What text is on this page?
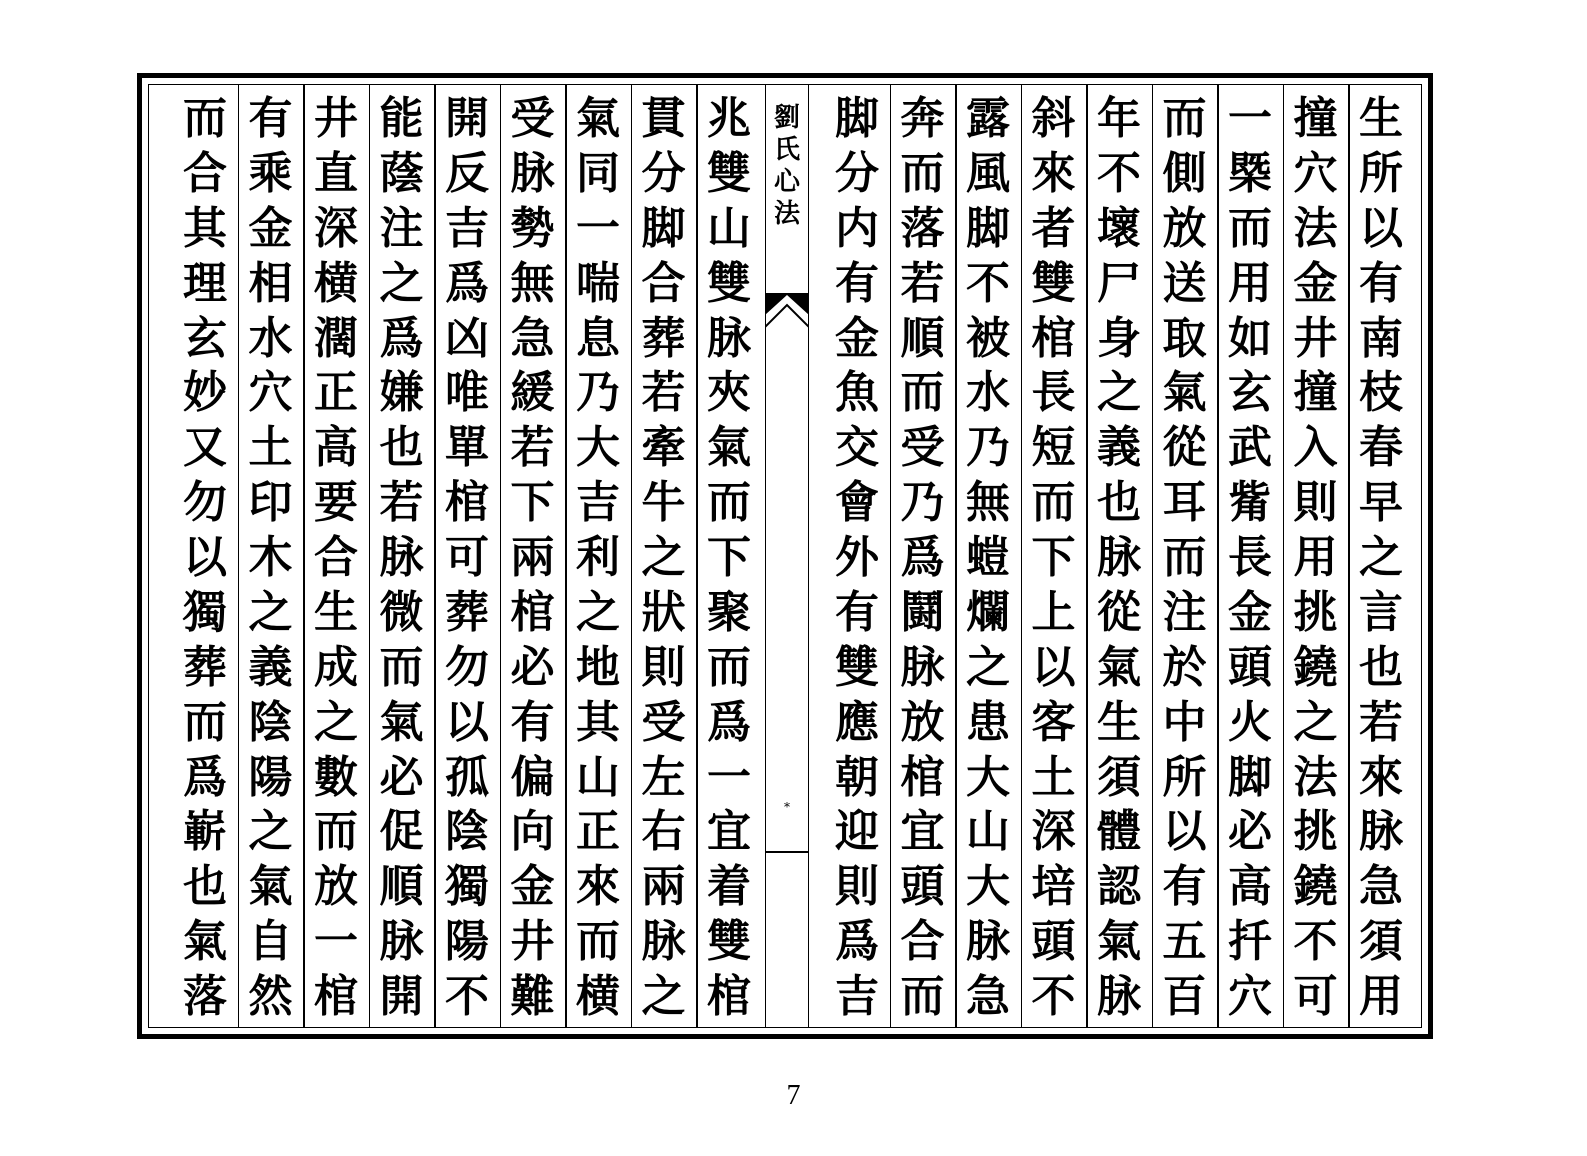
生
所
以
有
南
枝
春
早
之
言
也
若
來
脉
急
須
用
撞
穴
法
金
井
撞
入
則
用
挑
鐃
之
法
挑
鐃
不
可
一
槩
而
用
如
玄
武
觜
長
金
頭
火
脚
必
高
扦
穴
而
側
放
送
取
氣
從
耳
而
注
於
中
所
以
有
五
百
年
不
壞
尸
身
之
義
也
脉
從
氣
生
須
體
認
氣
脉
斜
來
者
雙
棺
長
短
而
下
上
以
客
土
深
培
頭
不
露
風
脚
不
被
水
乃
無
螘
爛
之
患
大
山
大
脉
急
奔
而
落
若
順
而
受
乃
爲
鬪
脉
放
棺
宜
頭
合
而
脚
分
内
有
金
魚
交
會
外
有
雙
應
朝
迎
則
爲
吉
兆
雙
山
雙
脉
夾
氣
而
下
聚
而
爲
一
宜
着
雙
棺
貫
分
脚
合
葬
若
牽
牛
之
狀
則
受
左
右
兩
脉
之
氣
同
一
喘
息
乃
大
吉
利
之
地
其
山
正
來
而
横
受
脉
勢
無
急
緩
若
下
兩
棺
必
有
偏
向
金
井
難
開
反
吉
爲
凶
唯
單
棺
可
葬
勿
以
孤
陰
獨
陽
不
能
蔭
注
之
爲
嫌
也
若
脉
微
而
氣
必
促
順
脉
開
井
直
深
横
濶
正
高
要
合
生
成
之
數
而
放
一
棺
有
乘
金
相
水
穴
土
印
木
之
義
陰
陽
之
氣
自
然
而
合
其
理
玄
妙
又
勿
以
獨
葬
而
爲
嶄
也
氣
落
劉
氏
心
法
*
7
